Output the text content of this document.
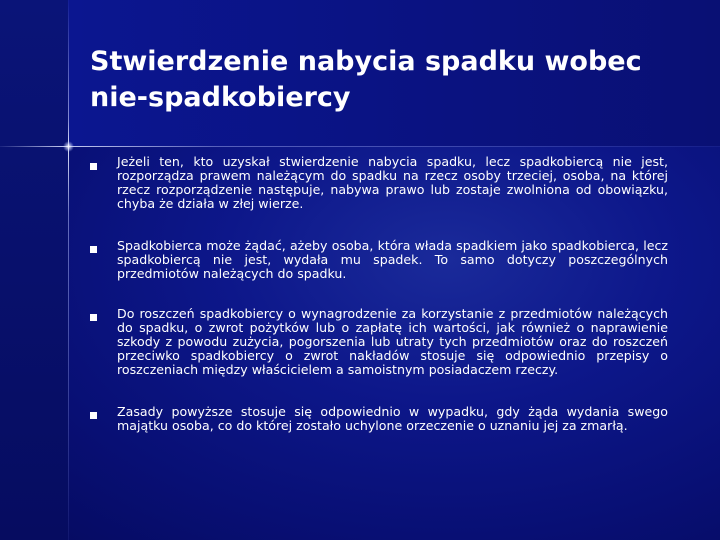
Stwierdzenie nabycia spadku wobec nie-spadkobiercy
Jeżeli ten, kto uzyskał stwierdzenie nabycia spadku, lecz spadkobiercą nie jest, rozporządza prawem należącym do spadku na rzecz osoby trzeciej, osoba, na której rzecz rozporządzenie następuje, nabywa prawo lub zostaje zwolniona od obowiązku, chyba że działa w złej wierze.
Spadkobierca może żądać, ażeby osoba, która włada spadkiem jako spadkobierca, lecz spadkobiercą nie jest, wydała mu spadek. To samo dotyczy poszczególnych przedmiotów należących do spadku.
Do roszczeń spadkobiercy o wynagrodzenie za korzystanie z przedmiotów należących do spadku, o zwrot pożytków lub o zapłatę ich wartości, jak również o naprawienie szkody z powodu zużycia, pogorszenia lub utraty tych przedmiotów oraz do roszczeń przeciwko spadkobiercy o zwrot nakładów stosuje się odpowiednio przepisy o roszczeniach między właścicielem a samoistnym posiadaczem rzeczy.
Zasady powyższe stosuje się odpowiednio w wypadku, gdy żąda wydania swego majątku osoba, co do której zostało uchylone orzeczenie o uznaniu jej za zmarłą.
